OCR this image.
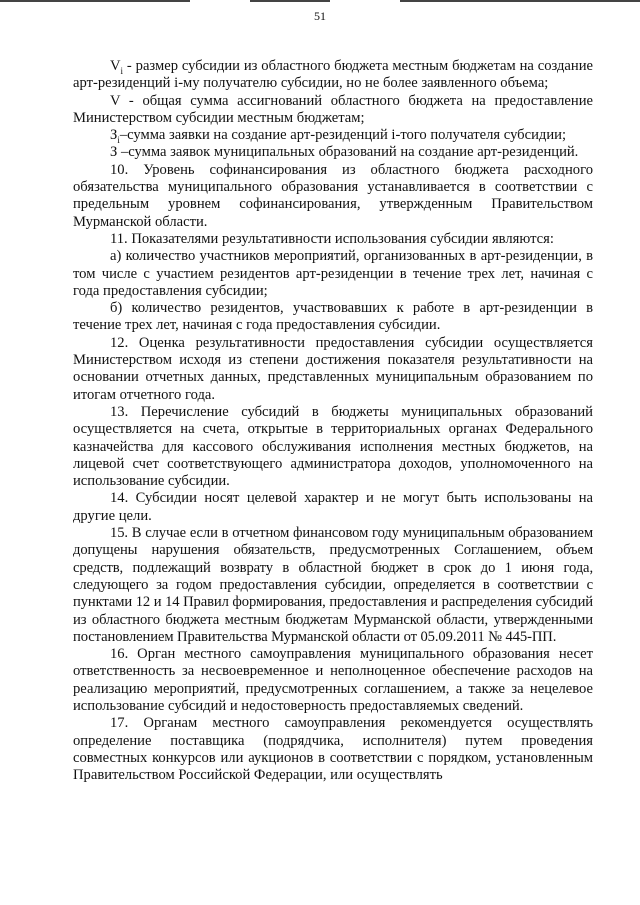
51

$V_i$ - размер субсидии из областного бюджета местным бюджетам на создание арт-резиденций i-му получателю субсидии, но не более заявленного объема;

V - общая сумма ассигнований областного бюджета на предоставление Министерством субсидии местным бюджетам;

$З_i$–сумма заявки на создание арт-резиденций i-того получателя субсидии;

З –сумма заявок муниципальных образований на создание арт-резиденций.

10. Уровень софинансирования из областного бюджета расходного обязательства муниципального образования устанавливается в соответствии с предельным уровнем софинансирования, утвержденным Правительством Мурманской области.

11. Показателями результативности использования субсидии являются:

а) количество участников мероприятий, организованных в арт-резиденции, в том числе с участием резидентов арт-резиденции в течение трех лет, начиная с года предоставления субсидии;

б) количество резидентов, участвовавших к работе в арт-резиденции в течение трех лет, начиная с года предоставления субсидии.

12. Оценка результативности предоставления субсидии осуществляется Министерством исходя из степени достижения показателя результативности на основании отчетных данных, представленных муниципальным образованием по итогам отчетного года.

13. Перечисление субсидий в бюджеты муниципальных образований осуществляется на счета, открытые в территориальных органах Федерального казначейства для кассового обслуживания исполнения местных бюджетов, на лицевой счет соответствующего администратора доходов, уполномоченного на использование субсидии.

14. Субсидии носят целевой характер и не могут быть использованы на другие цели.

15. В случае если в отчетном финансовом году муниципальным образованием допущены нарушения обязательств, предусмотренных Соглашением, объем средств, подлежащий возврату в областной бюджет в срок до 1 июня года, следующего за годом предоставления субсидии, определяется в соответствии с пунктами 12 и 14 Правил формирования, предоставления и распределения субсидий из областного бюджета местным бюджетам Мурманской области, утвержденными постановлением Правительства Мурманской области от 05.09.2011 № 445-ПП.

16. Орган местного самоуправления муниципального образования несет ответственность за несвоевременное и неполноценное обеспечение расходов на реализацию мероприятий, предусмотренных соглашением, а также за нецелевое использование субсидий и недостоверность предоставляемых сведений.

17. Органам местного самоуправления рекомендуется осуществлять определение поставщика (подрядчика, исполнителя) путем проведения совместных конкурсов или аукционов в соответствии с порядком, установленным Правительством Российской Федерации, или осуществлять
